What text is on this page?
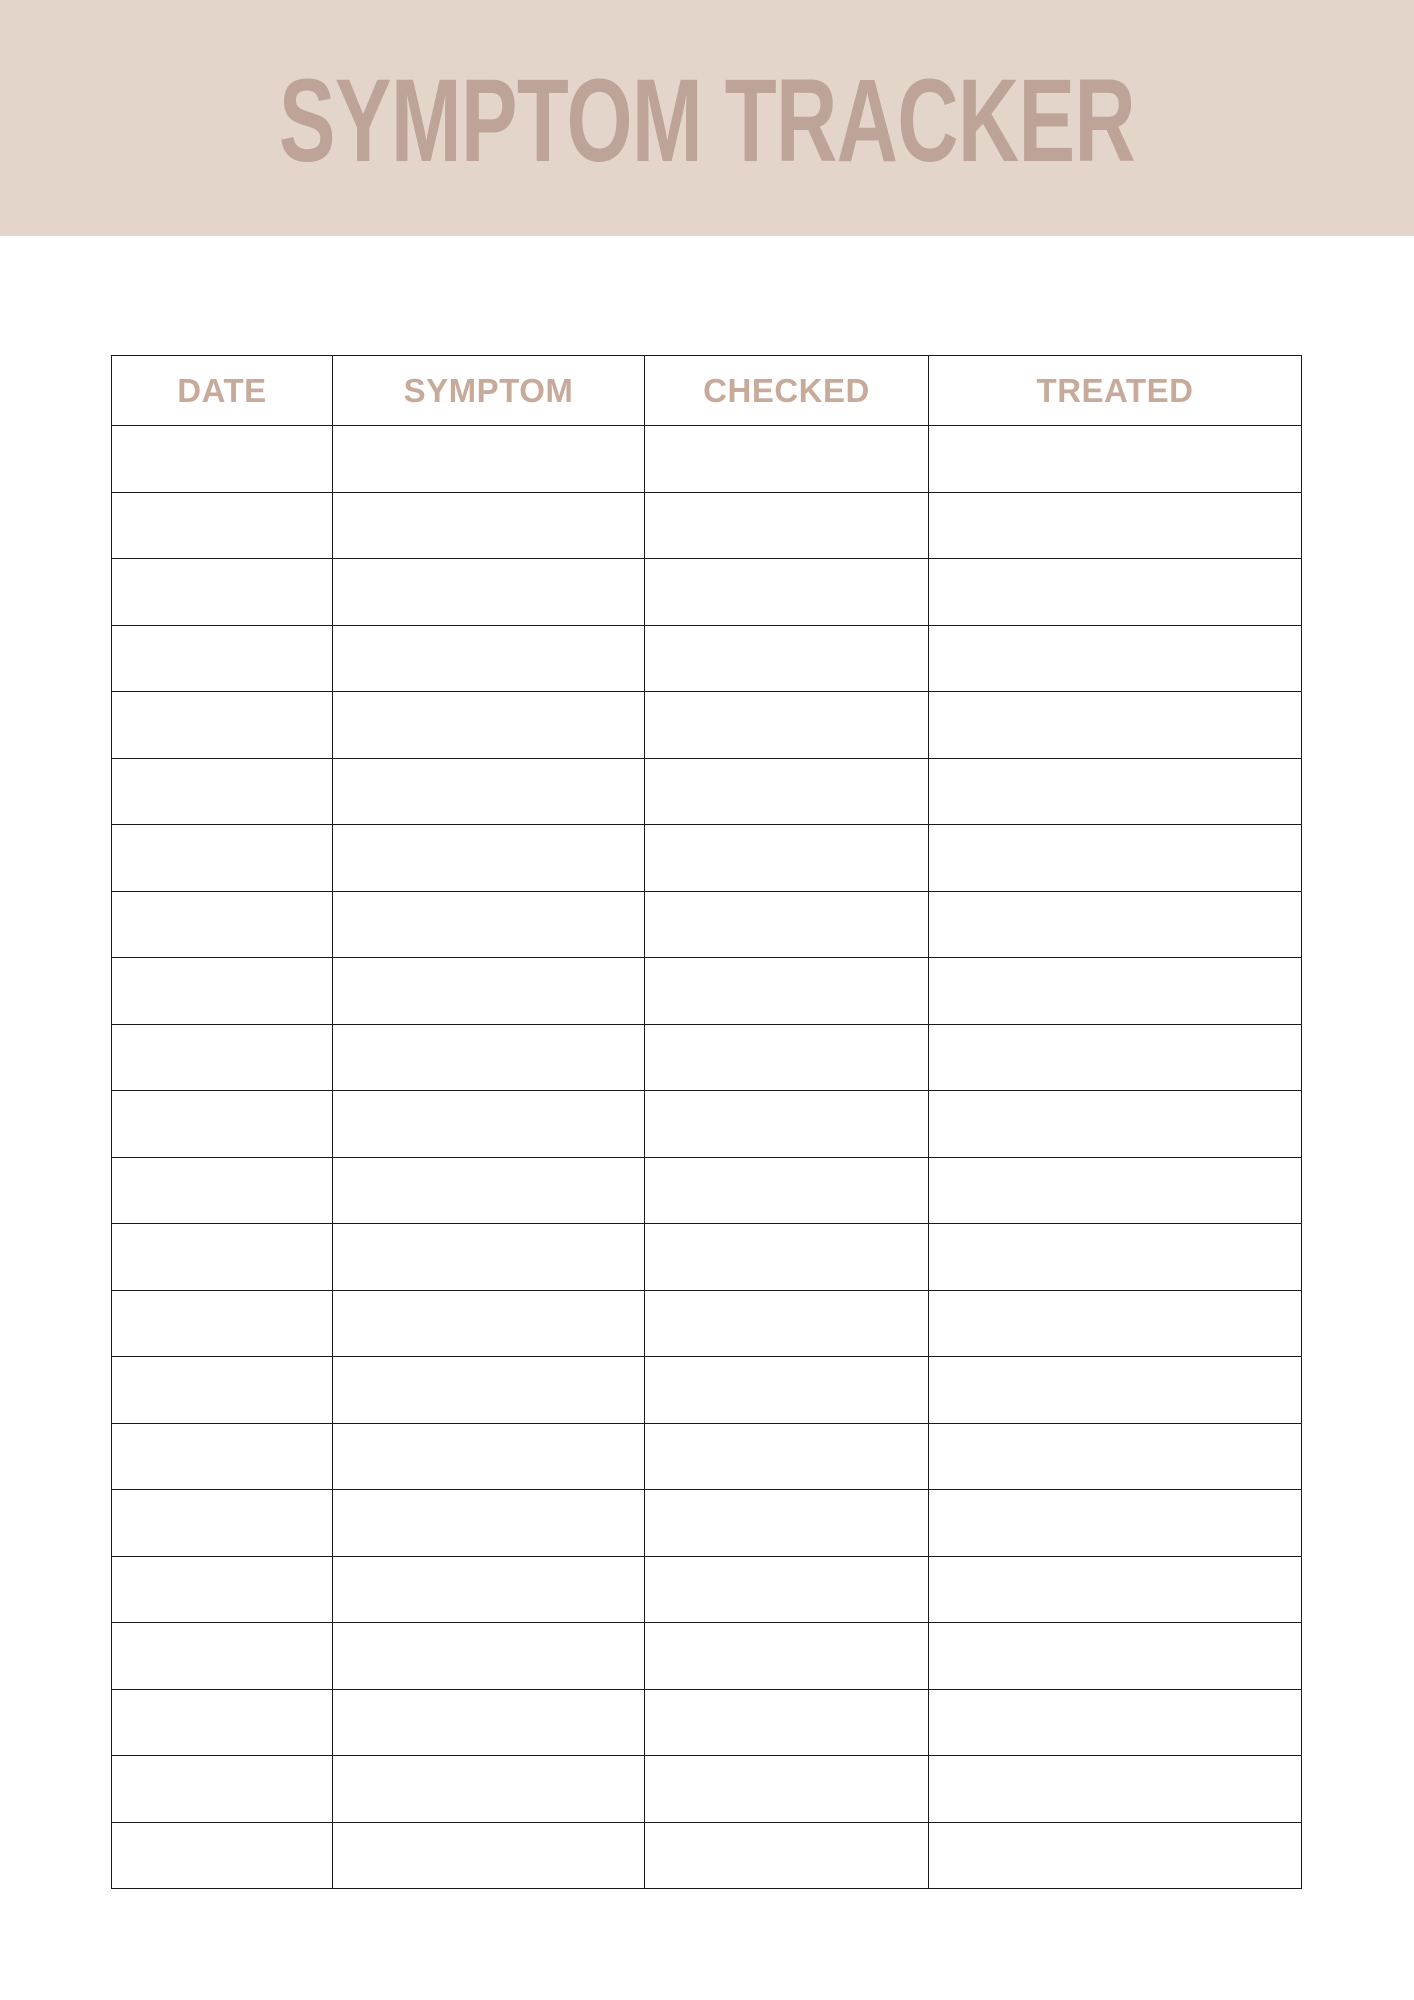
SYMPTOM TRACKER
DATE	SYMPTOM	CHECKED	TREATED
